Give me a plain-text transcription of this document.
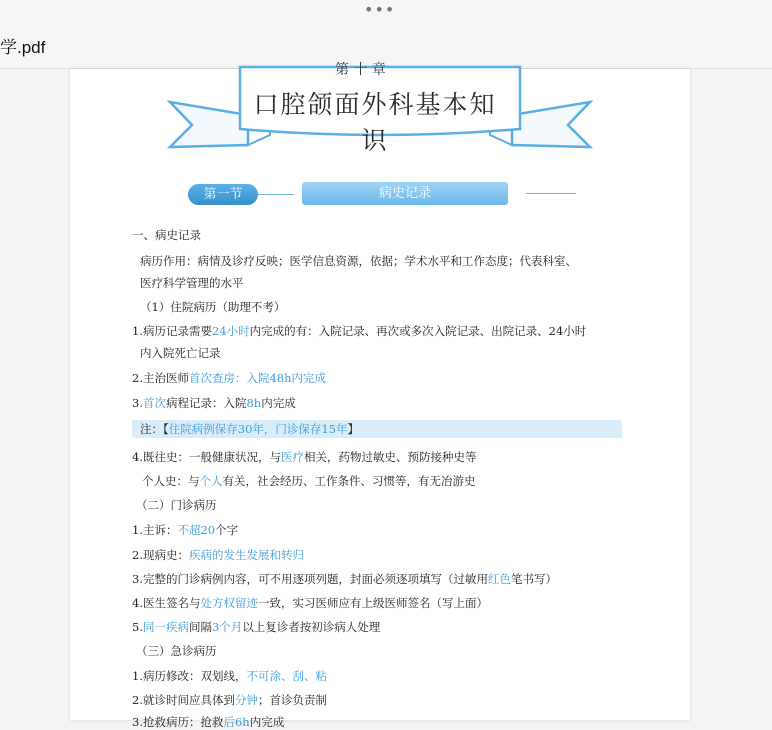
•••
学.pdf
口腔颌面外科基本知识
第 十 章
第一节	病史记录
一、病史记录
病历作用：病情及诊疗反映；医学信息资源，依据；学术水平和工作态度；代表科室、
医疗科学管理的水平
（1）住院病历（助理不考）
1.病历记录需要24小时内完成的有：入院记录、再次或多次入院记录、出院记录、24小时
内入院死亡记录
2.主治医师首次查房：入院48h内完成
3.首次病程记录：入院8h内完成
注：【住院病例保存30年，门诊保存15年】
4.既往史：一般健康状况，与医疗相关，药物过敏史、预防接种史等
个人史：与个人有关，社会经历、工作条件、习惯等，有无冶游史
（二）门诊病历
1.主诉：不超20个字
2.现病史：疾病的发生发展和转归
3.完整的门诊病例内容，可不用逐项列题，封面必须逐项填写（过敏用红色笔书写）
4.医生签名与处方权留迹一致，实习医师应有上级医师签名（写上面）
5.同一疾病间隔3个月以上复诊者按初诊病人处理
（三）急诊病历
1.病历修改：双划线，不可涂、刮、粘
2.就诊时间应具体到分钟；首诊负责制
3.抢救病历：抢救后6h内完成
